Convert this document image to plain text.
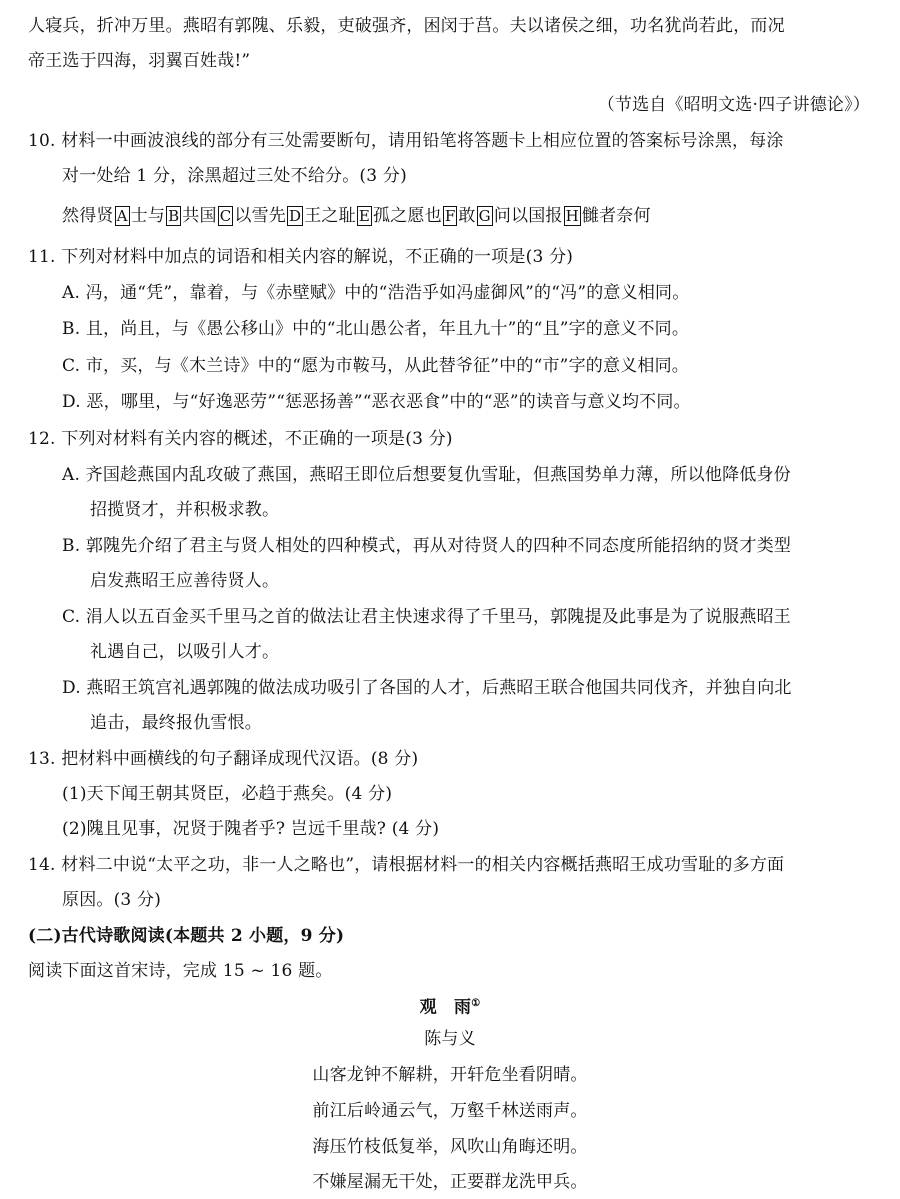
人寝兵，折冲万里。燕昭有郭隗、乐毅，吏破强齐，困闵于莒。夫以诸侯之细，功名犹尚若此，而况
帝王选于四海，羽翼百姓哉!”
（节选自《昭明文选·四子讲德论》）
10. 材料一中画波浪线的部分有三处需要断句，请用铅笔将答题卡上相应位置的答案标号涂黑，每涂
对一处给 1 分，涂黑超过三处不给分。(3 分)
然得贤 A 士与 B 共国 C 以雪先 D 王之耻 E 孤之愿也 F 敢 G 问以国报 H 雠者奈何
11. 下列对材料中加点的词语和相关内容的解说，不正确的一项是(3 分)
A. 冯，通“凭”，靠着，与《赤壁赋》中的“浩浩乎如冯虚御风”的“冯”的意义相同。
B. 且，尚且，与《愚公移山》中的“北山愚公者，年且九十”的“且”字的意义不同。
C. 市，买，与《木兰诗》中的“愿为市鞍马，从此替爷征”中的“市”字的意义相同。
D. 恶，哪里，与“好逸恶劳”“惩恶扬善”“恶衣恶食”中的“恶”的读音与意义均不同。
12. 下列对材料有关内容的概述，不正确的一项是(3 分)
A. 齐国趁燕国内乱攻破了燕国，燕昭王即位后想要复仇雪耻，但燕国势单力薄，所以他降低身份
招揽贤才，并积极求教。
B. 郭隗先介绍了君主与贤人相处的四种模式，再从对待贤人的四种不同态度所能招纳的贤才类型
启发燕昭王应善待贤人。
C. 涓人以五百金买千里马之首的做法让君主快速求得了千里马，郭隗提及此事是为了说服燕昭王
礼遇自己，以吸引人才。
D. 燕昭王筑宫礼遇郭隗的做法成功吸引了各国的人才，后燕昭王联合他国共同伐齐，并独自向北
追击，最终报仇雪恨。
13. 把材料中画横线的句子翻译成现代汉语。(8 分)
(1)天下闻王朝其贤臣，必趋于燕矣。(4 分)
(2)隗且见事，况贤于隗者乎? 岂远千里哉? (4 分)
14. 材料二中说“太平之功，非一人之略也”，请根据材料一的相关内容概括燕昭王成功雪耻的多方面
原因。(3 分)
(二)古代诗歌阅读(本题共 2 小题，9 分)
阅读下面这首宋诗，完成 15 ~ 16 题。
观　雨①
陈与义
山客龙钟不解耕，开轩危坐看阴晴。
前江后岭通云气，万壑千林送雨声。
海压竹枝低复举，风吹山角晦还明。
不嫌屋漏无干处，正要群龙洗甲兵。
